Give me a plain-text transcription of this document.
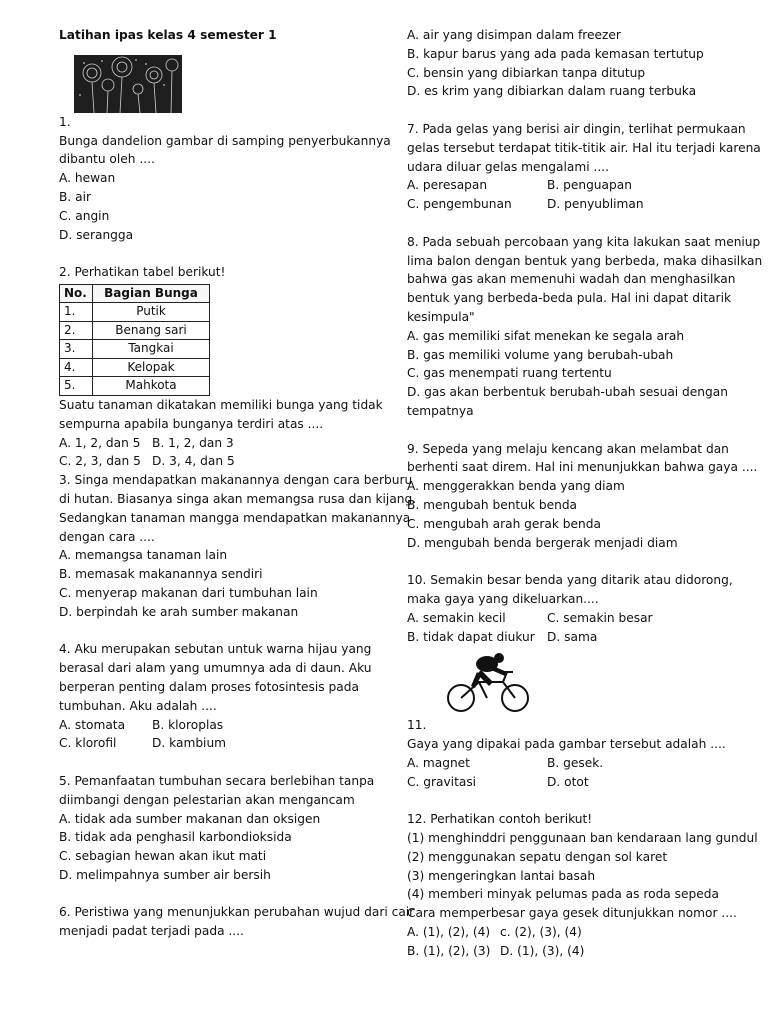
Latihan ipas kelas 4 semester 1
1.
Bunga dandelion gambar di samping penyerbukannya
dibantu oleh ....
A. hewan
B. air
C. angin
D. serangga
2. Perhatikan tabel berikut!
No.	Bagian Bunga
1.	Putik
2.	Benang sari
3.	Tangkai
4.	Kelopak
5.	Mahkota
Suatu tanaman dikatakan memiliki bunga yang tidak
sempurna apabila bunganya terdiri atas ....
A. 1, 2, dan 5 B. 1, 2, dan 3
C. 2, 3, dan 5 D. 3, 4, dan 5
3. Singa mendapatkan makanannya dengan cara berburu
di hutan. Biasanya singa akan memangsa rusa dan kijang.
Sedangkan tanaman mangga mendapatkan makanannya
dengan cara ....
A. memangsa tanaman lain
B. memasak makanannya sendiri
C. menyerap makanan dari tumbuhan lain
D. berpindah ke arah sumber makanan
4. Aku merupakan sebutan untuk warna hijau yang
berasal dari alam yang umumnya ada di daun. Aku
berperan penting dalam proses fotosintesis pada
tumbuhan. Aku adalah ....
A. stomata	B. kloroplas
C. klorofil	D. kambium
5. Pemanfaatan tumbuhan secara berlebihan tanpa
diimbangi dengan pelestarian akan mengancam
A. tidak ada sumber makanan dan oksigen
B. tidak ada penghasil karbondioksida
C. sebagian hewan akan ikut mati
D. melimpahnya sumber air bersih
6. Peristiwa yang menunjukkan perubahan wujud dari cair
menjadi padat terjadi pada ....
A. air yang disimpan dalam freezer
B. kapur barus yang ada pada kemasan tertutup
C. bensin yang dibiarkan tanpa ditutup
D. es krim yang dibiarkan dalam ruang terbuka
7. Pada gelas yang berisi air dingin, terlihat permukaan
gelas tersebut terdapat titik-titik air. Hal itu terjadi karena
udara diluar gelas mengalami ....
A. peresapan	B. penguapan
C. pengembunan	D. penyubliman
8. Pada sebuah percobaan yang kita lakukan saat meniup
lima balon dengan bentuk yang berbeda, maka dihasilkan
bahwa gas akan memenuhi wadah dan menghasilkan
bentuk yang berbeda-beda pula. Hal ini dapat ditarik
kesimpula"
A. gas memiliki sifat menekan ke segala arah
B. gas memiliki volume yang berubah-ubah
C. gas menempati ruang tertentu
D. gas akan berbentuk berubah-ubah sesuai dengan
tempatnya
9. Sepeda yang melaju kencang akan melambat dan
berhenti saat direm. Hal ini menunjukkan bahwa gaya ....
A. menggerakkan benda yang diam
B. mengubah bentuk benda
C. mengubah arah gerak benda
D. mengubah benda bergerak menjadi diam
10. Semakin besar benda yang ditarik atau didorong,
maka gaya yang dikeluarkan....
A. semakin kecil	C. semakin besar
B. tidak dapat diukur	D. sama
11.
Gaya yang dipakai pada gambar tersebut adalah ....
A. magnet	B. gesek.
C. gravitasi	D. otot
12. Perhatikan contoh berikut!
(1) menghinddri penggunaan ban kendaraan lang gundul
(2) menggunakan sepatu dengan sol karet
(3) mengeringkan lantai basah
(4) memberi minyak pelumas pada as roda sepeda
Cara memperbesar gaya gesek ditunjukkan nomor ....
A. (1), (2), (4) c. (2), (3), (4)
B. (1), (2), (3) D. (1), (3), (4)
